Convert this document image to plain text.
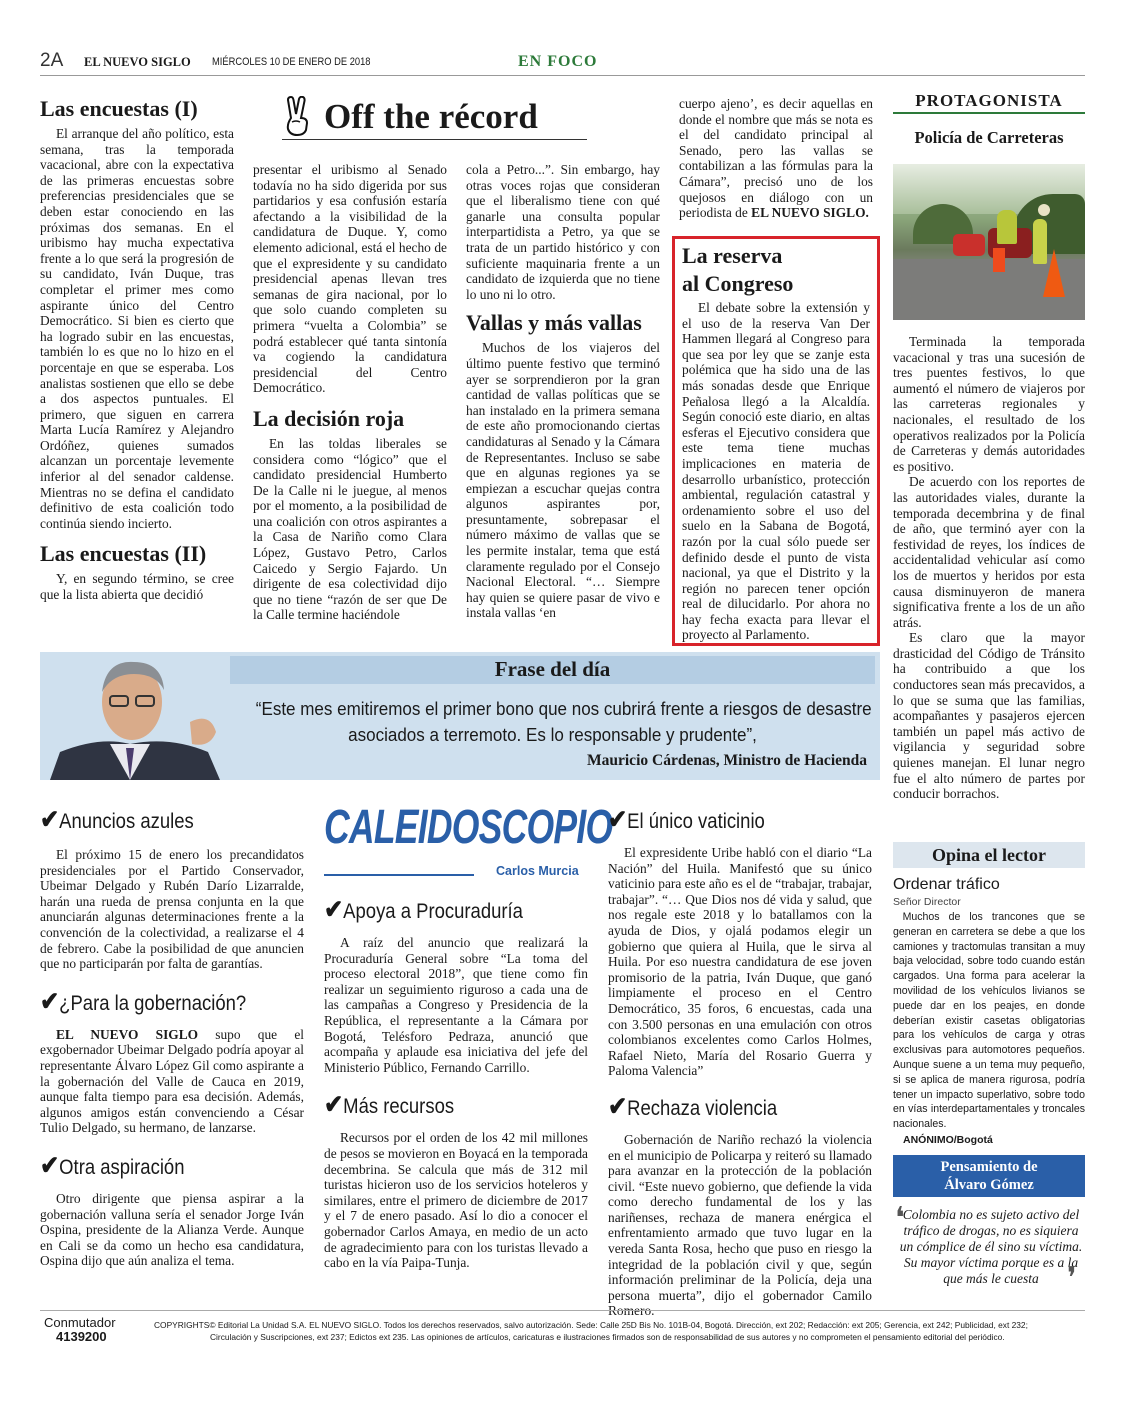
2A EL NUEVO SIGLO MIÉRCOLES 10 DE ENERO DE 2018	EN FOCO
Las encuestas (I)

El arranque del año político, esta semana, tras la temporada vacacional, abre con la expectativa de las primeras encuestas sobre preferencias presidenciales que se deben estar conociendo en las próximas dos semanas. En el uribismo hay mucha expectativa frente a lo que será la progresión de su candidato, Iván Duque, tras completar el primer mes como aspirante único del Centro Democrático. Si bien es cierto que ha logrado subir en las encuestas, también lo es que no lo hizo en el porcentaje en que se esperaba. Los analistas sostienen que ello se debe a dos aspectos puntuales. El primero, que siguen en carrera Marta Lucía Ramírez y Alejandro Ordóñez, quienes sumados alcanzan un porcentaje levemente inferior al del senador caldense. Mientras no se defina el candidato definitivo de esta coalición todo continúa siendo incierto.

Las encuestas (II)

Y, en segundo término, se cree que la lista abierta que decidió

Off the récord

presentar el uribismo al Senado todavía no ha sido digerida por sus partidarios y esa confusión estaría afectando a la visibilidad de la candidatura de Duque. Y, como elemento adicional, está el hecho de que el expresidente y su candidato presidencial apenas llevan tres semanas de gira nacional, por lo que solo cuando completen su primera “vuelta a Colombia” se podrá establecer qué tanta sintonía va cogiendo la candidatura presidencial del Centro Democrático.

La decisión roja

En las toldas liberales se considera como “lógico” que el candidato presidencial Humberto De la Calle ni le juegue, al menos por el momento, a la posibilidad de una coalición con otros aspirantes a la Casa de Nariño como Clara López, Gustavo Petro, Carlos Caicedo y Sergio Fajardo. Un dirigente de esa colectividad dijo que no tiene “razón de ser que De la Calle termine haciéndole

cola a Petro...”. Sin embargo, hay otras voces rojas que consideran que el liberalismo tiene con qué ganarle una consulta popular interpartidista a Petro, ya que se trata de un partido histórico y con suficiente maquinaria frente a un candidato de izquierda que no tiene lo uno ni lo otro.

Vallas y más vallas

Muchos de los viajeros del último puente festivo que terminó ayer se sorprendieron por la gran cantidad de vallas políticas que se han instalado en la primera semana de este año promocionando ciertas candidaturas al Senado y la Cámara de Representantes. Incluso se sabe que en algunas regiones ya se empiezan a escuchar quejas contra algunos aspirantes por, presuntamente, sobrepasar el número máximo de vallas que se les permite instalar, tema que está claramente regulado por el Consejo Nacional Electoral. “… Siempre hay quien se quiere pasar de vivo e instala vallas ‘en

cuerpo ajeno’, es decir aquellas en donde el nombre que más se nota es el del candidato principal al Senado, pero las vallas se contabilizan a las fórmulas para la Cámara”, precisó uno de los quejosos en diálogo con un periodista de EL NUEVO SIGLO.

La reserva al Congreso

El debate sobre la extensión y el uso de la reserva Van Der Hammen llegará al Congreso para que sea por ley que se zanje esta polémica que ha sido una de las más sonadas desde que Enrique Peñalosa llegó a la Alcaldía. Según conoció este diario, en altas esferas el Ejecutivo considera que este tema tiene muchas implicaciones en materia de desarrollo urbanístico, protección ambiental, regulación catastral y ordenamiento sobre el uso del suelo en la Sabana de Bogotá, razón por la cual sólo puede ser definido desde el punto de vista nacional, ya que el Distrito y la región no parecen tener opción real de dilucidarlo. Por ahora no hay fecha exacta para llevar el proyecto al Parlamento.

PROTAGONISTA
Policía de Carreteras

Terminada la temporada vacacional y tras una sucesión de tres puentes festivos, lo que aumentó el número de viajeros por las carreteras regionales y nacionales, el resultado de los operativos realizados por la Policía de Carreteras y demás autoridades es positivo.

De acuerdo con los reportes de las autoridades viales, durante la temporada decembrina y de final de año, que terminó ayer con la festividad de reyes, los índices de accidentalidad vehicular así como los de muertos y heridos por esta causa disminuyeron de manera significativa frente a los de un año atrás.

Es claro que la mayor drasticidad del Código de Tránsito ha contribuido a que los conductores sean más precavidos, a lo que se suma que las familias, acompañantes y pasajeros ejercen también un papel más activo de vigilancia y seguridad sobre quienes manejan. El lunar negro fue el alto número de partes por conducir borrachos.

Frase del día
“Este mes emitiremos el primer bono que nos cubrirá frente a riesgos de desastre
asociados a terremoto. Es lo responsable y prudente”,
Mauricio Cárdenas, Ministro de Hacienda
✔Anuncios azules

El próximo 15 de enero los precandidatos presidenciales por el Partido Conservador, Ubeimar Delgado y Rubén Darío Lizarralde, harán una rueda de prensa conjunta en la que anunciarán algunas determinaciones frente a la convención de la colectividad, a realizarse el 4 de febrero. Cabe la posibilidad de que anuncien que no participarán por falta de garantías.

✔¿Para la gobernación?

EL NUEVO SIGLO supo que el exgobernador Ubeimar Delgado podría apoyar al representante Álvaro López Gil como aspirante a la gobernación del Valle de Cauca en 2019, aunque falta tiempo para esa decisión. Además, algunos amigos están convenciendo a César Tulio Delgado, su hermano, de lanzarse.

✔Otra aspiración

Otro dirigente que piensa aspirar a la gobernación valluna sería el senador Jorge Iván Ospina, presidente de la Alianza Verde. Aunque en Cali se da como un hecho esa candidatura, Ospina dijo que aún analiza el tema.

CALEIDOSCOPIO
Carlos Murcia
✔Apoya a Procuraduría

A raíz del anuncio que realizará la Procuraduría General sobre “La toma del proceso electoral 2018”, que tiene como fin realizar un seguimiento riguroso a cada una de las campañas a Congreso y Presidencia de la República, el representante a la Cámara por Bogotá, Telésforo Pedraza, anunció que acompaña y aplaude esa iniciativa del jefe del Ministerio Público, Fernando Carrillo.

✔Más recursos

Recursos por el orden de los 42 mil millones de pesos se movieron en Boyacá en la temporada decembrina. Se calcula que más de 312 mil turistas hicieron uso de los servicios hoteleros y similares, entre el primero de diciembre de 2017 y el 7 de enero pasado. Así lo dio a conocer el gobernador Carlos Amaya, en medio de un acto de agradecimiento para con los turistas llevado a cabo en la vía Paipa-Tunja.

✔El único vaticinio

El expresidente Uribe habló con el diario “La Nación” del Huila. Manifestó que su único vaticinio para este año es el de “trabajar, trabajar, trabajar”. “… Que Dios nos dé vida y salud, que nos regale este 2018 y lo batallamos con la ayuda de Dios, y ojalá podamos elegir un gobierno que quiera al Huila, que le sirva al Huila. Por eso nuestra candidatura de ese joven promisorio de la patria, Iván Duque, que ganó limpiamente el proceso en el Centro Democrático, 35 foros, 6 encuestas, cada una con 3.500 personas en una emulación con otros colombianos excelentes como Carlos Holmes, Rafael Nieto, María del Rosario Guerra y Paloma Valencia”

✔Rechaza violencia

Gobernación de Nariño rechazó la violencia en el municipio de Policarpa y reiteró su llamado para avanzar en la protección de la población civil. “Este nuevo gobierno, que defiende la vida como derecho fundamental de los y las nariñenses, rechaza de manera enérgica el enfrentamiento armado que tuvo lugar en la vereda Santa Rosa, hecho que puso en riesgo la integridad de la población civil y que, según información preliminar de la Policía, deja una persona muerta”, dijo el gobernador Camilo Romero.

Opina el lector
Ordenar tráfico
Señor Director
Muchos de los trancones que se generan en carretera se debe a que los camiones y tractomulas transitan a muy baja velocidad, sobre todo cuando están cargados. Una forma para acelerar la movilidad de los vehículos livianos se puede dar en los peajes, en donde deberían existir casetas obligatorias para los vehículos de carga y otras exclusivas para automotores pequeños. Aunque suene a un tema muy pequeño, si se aplica de manera rigurosa, podría tener un impacto superlativo, sobre todo en vías interdepartamentales y troncales nacionales.
ANÓNIMO/Bogotá
Pensamiento de
Álvaro Gómez
❛
Colombia no es sujeto activo del tráfico de drogas, no es siquiera un cómplice de él sino su víctima. Su mayor víctima porque es a la que más le cuesta ❜
Conmutador
4139200
COPYRIGHTS© Editorial La Unidad S.A. EL NUEVO SIGLO. Todos los derechos reservados, salvo autorización. Sede: Calle 25D Bis No. 101B-04, Bogotá. Dirección, ext 202; Redacción: ext 205; Gerencia, ext 242; Publicidad, ext 232;
Circulación y Suscripciones, ext 237; Edictos ext 235. Las opiniones de artículos, caricaturas e ilustraciones firmados son de responsabilidad de sus autores y no comprometen el pensamiento editorial del periódico.
